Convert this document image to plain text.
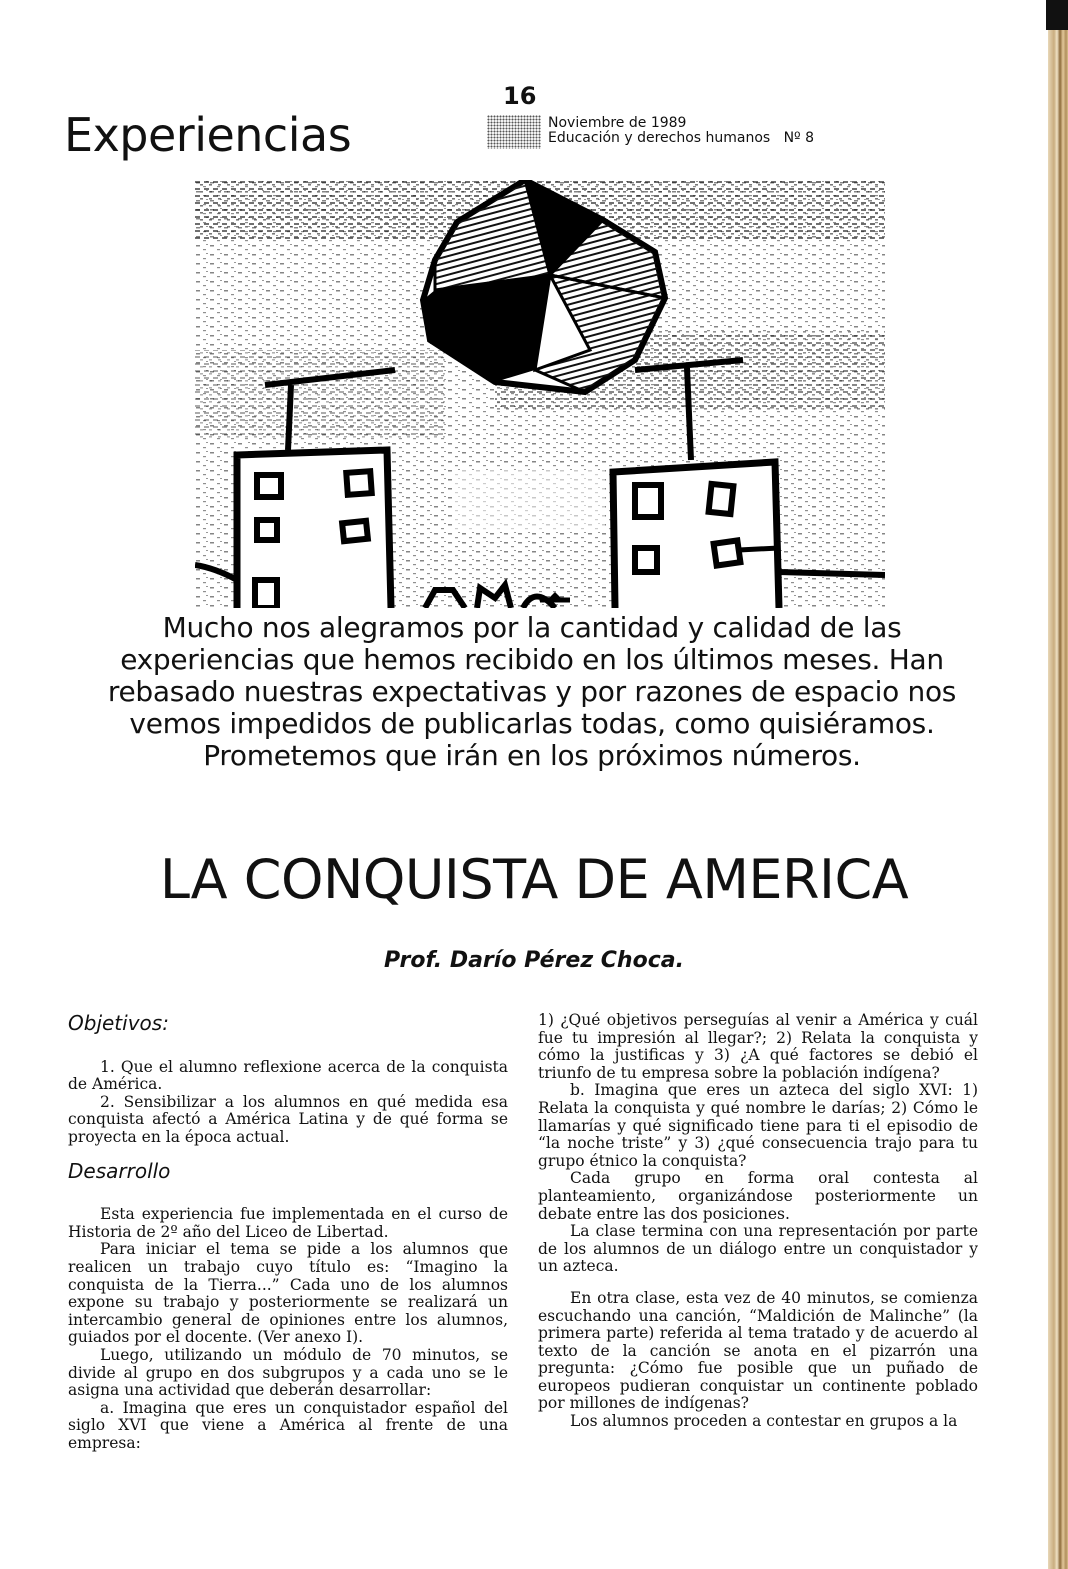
Experiencias
16
Noviembre de 1989
Educación y derechos humanos   Nº 8
Mucho nos alegramos por la cantidad y calidad de las experiencias que hemos recibido en los últimos meses. Han rebasado nuestras expectativas y por razones de espacio nos vemos impedidos de publicarlas todas, como quisiéramos. Prometemos que irán en los próximos números.
LA CONQUISTA DE AMERICA
Prof. Darío Pérez Choca.
Objetivos:

1. Que el alumno reflexione acerca de la conquista de América.

2. Sensibilizar a los alumnos en qué medida esa conquista afectó a América Latina y de qué forma se proyecta en la época actual.

Desarrollo

Esta experiencia fue implementada en el curso de Historia de 2º año del Liceo de Libertad.

Para iniciar el tema se pide a los alumnos que realicen un trabajo cuyo título es: “Imagino la conquista de la Tierra...” Cada uno de los alumnos expone su trabajo y posteriormente se realizará un intercambio general de opiniones entre los alumnos, guiados por el docente. (Ver anexo I).

Luego, utilizando un módulo de 70 minutos, se divide al grupo en dos subgrupos y a cada uno se le asigna una actividad que deberán desarrollar:

a. Imagina que eres un conquistador español del siglo XVI que viene a América al frente de una empresa:

1) ¿Qué objetivos perseguías al venir a América y cuál fue tu impresión al llegar?; 2) Relata la conquista y cómo la justificas y 3) ¿A qué factores se debió el triunfo de tu empresa sobre la población indígena?

b. Imagina que eres un azteca del siglo XVI: 1) Relata la conquista y qué nombre le darías; 2) Cómo le llamarías y qué significado tiene para ti el episodio de “la noche triste” y 3) ¿qué consecuencia trajo para tu grupo étnico la conquista?

Cada grupo en forma oral contesta al planteamiento, organizándose posteriormente un debate entre las dos posiciones.

La clase termina con una representación por parte de los alumnos de un diálogo entre un conquistador y un azteca.

En otra clase, esta vez de 40 minutos, se comienza escuchando una canción, “Maldición de Malinche” (la primera parte) referida al tema tratado y de acuerdo al texto de la canción se anota en el pizarrón una pregunta: ¿Cómo fue posible que un puñado de europeos pudieran conquistar un continente poblado por millones de indígenas?

Los alumnos proceden a contestar en grupos a la
